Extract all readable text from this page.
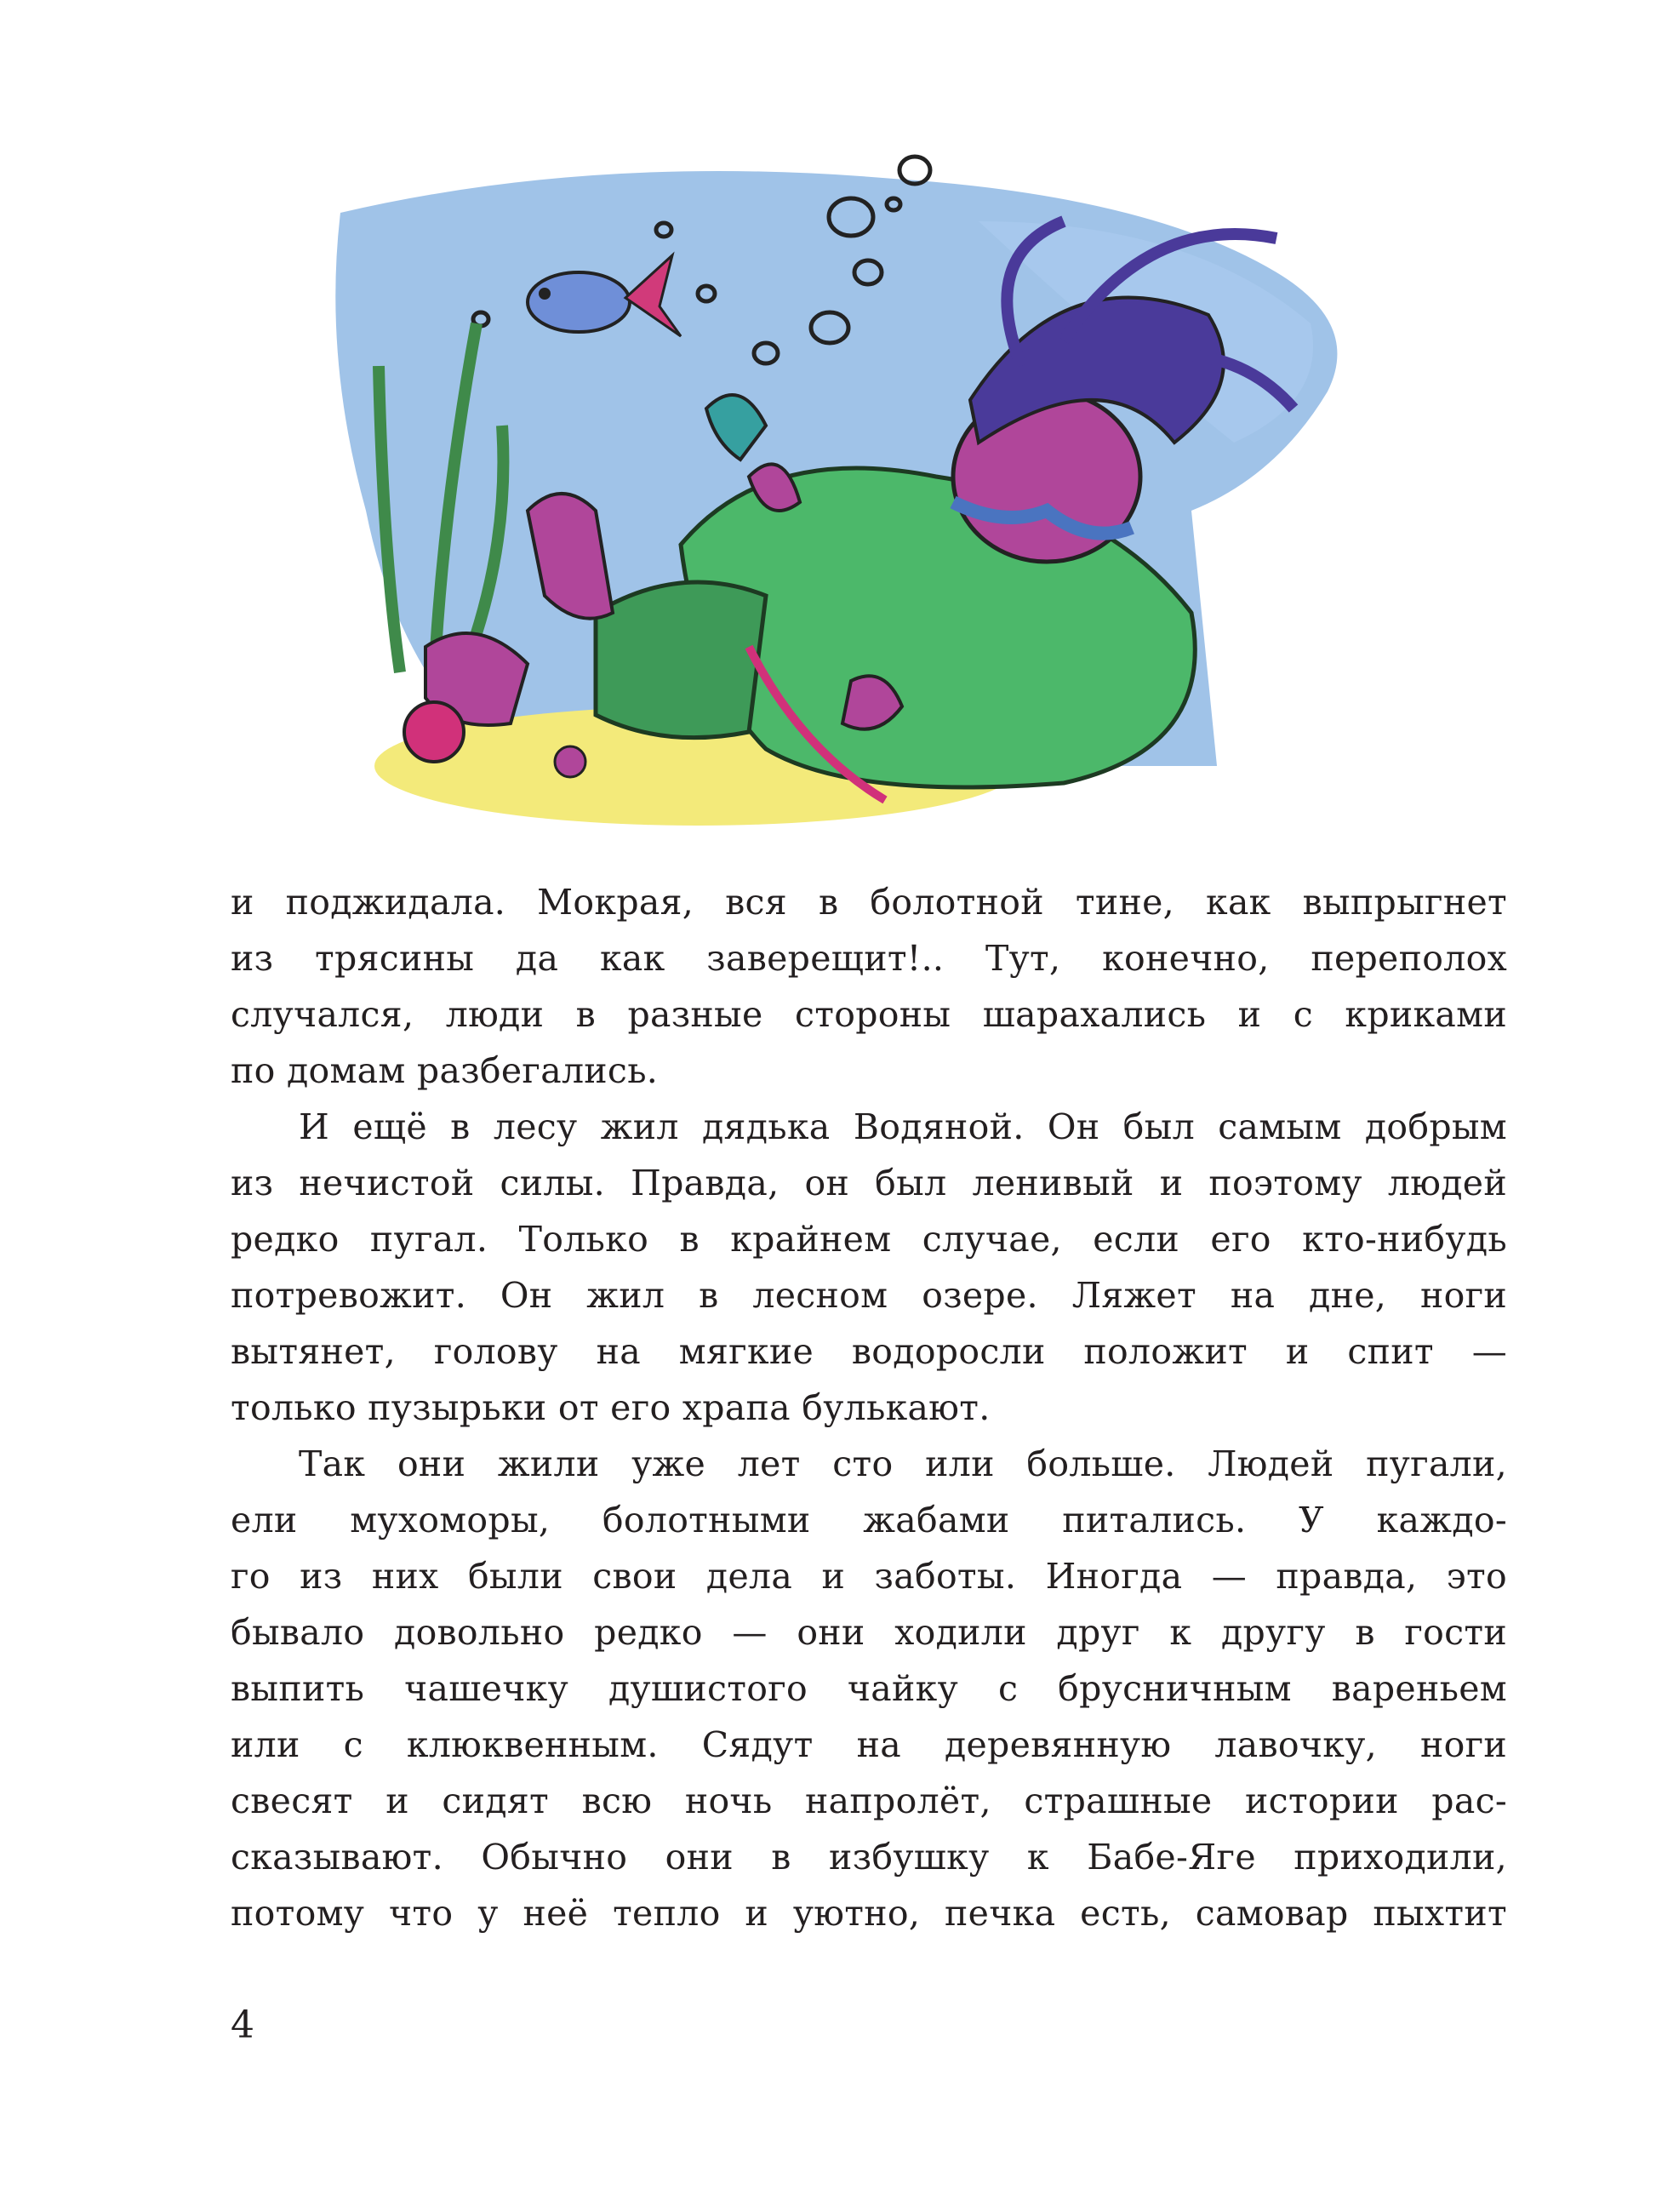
и поджидала. Мокрая, вся в болотной тине, как выпрыгнет
из трясины да как заверещит!.. Тут, конечно, переполох
случался, люди в разные стороны шарахались и с криками
по домам разбегались.
И ещё в лесу жил дядька Водяной. Он был самым добрым
из нечистой силы. Правда, он был ленивый и поэтому людей
редко пугал. Только в крайнем случае, если его кто-нибудь
потревожит. Он жил в лесном озере. Ляжет на дне, ноги
вытянет, голову на мягкие водоросли положит и спит —
только пузырьки от его храпа булькают.
Так они жили уже лет сто или больше. Людей пугали,
ели мухоморы, болотными жабами питались. У каждо-
го из них были свои дела и заботы. Иногда — правда, это
бывало довольно редко — они ходили друг к другу в гости
выпить чашечку душистого чайку с брусничным вареньем
или с клюквенным. Сядут на деревянную лавочку, ноги
свесят и сидят всю ночь напролёт, страшные истории рас-
сказывают. Обычно они в избушку к Бабе-Яге приходили,
потому что у неё тепло и уютно, печка есть, самовар пыхтит
4
